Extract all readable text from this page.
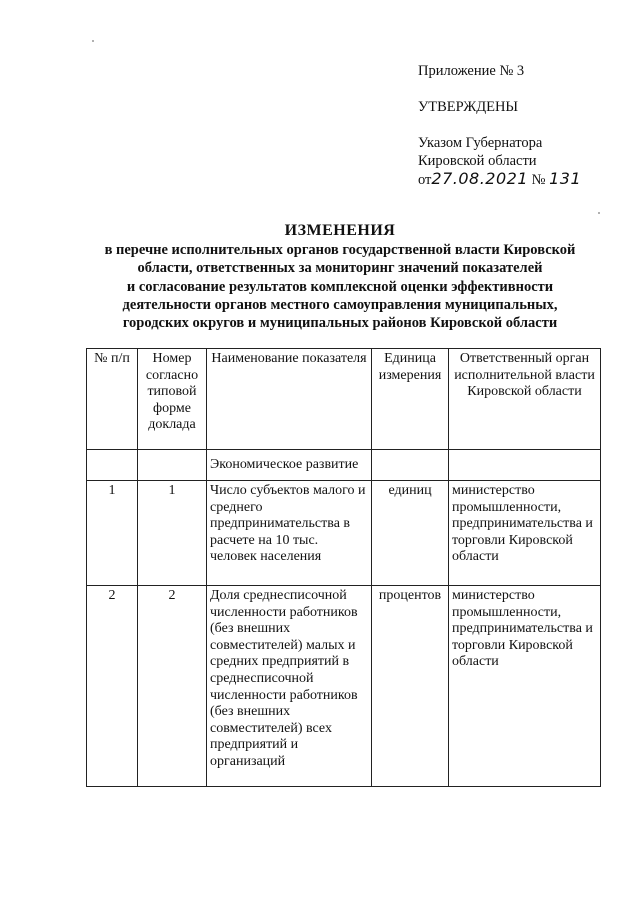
Приложение № 3
УТВЕРЖДЕНЫ
Указом Губернатора
Кировской области
от27.08.2021 № 131
ИЗМЕНЕНИЯ
в перечне исполнительных органов государственной власти Кировской
области, ответственных за мониторинг значений показателей
и согласование результатов комплексной оценки эффективности
деятельности органов местного самоуправления муниципальных,
городских округов и муниципальных районов Кировской области
№ п/п	Номер согласно типовой форме доклада	Наименование показателя	Единица измерения	Ответственный орган исполнительной власти Кировской области
		Экономическое развитие		
1	1	Число субъектов малого и среднего предпринимательства в расчете на 10 тыс. человек населения	единиц	министерство промышленности, предпринимательства и торговли Кировской области
2	2	Доля среднесписочной численности работников (без внешних совместителей) малых и средних предприятий в среднесписочной численности работников (без внешних совместителей) всех предприятий и организаций	процентов	министерство промышленности, предпринимательства и торговли Кировской области
